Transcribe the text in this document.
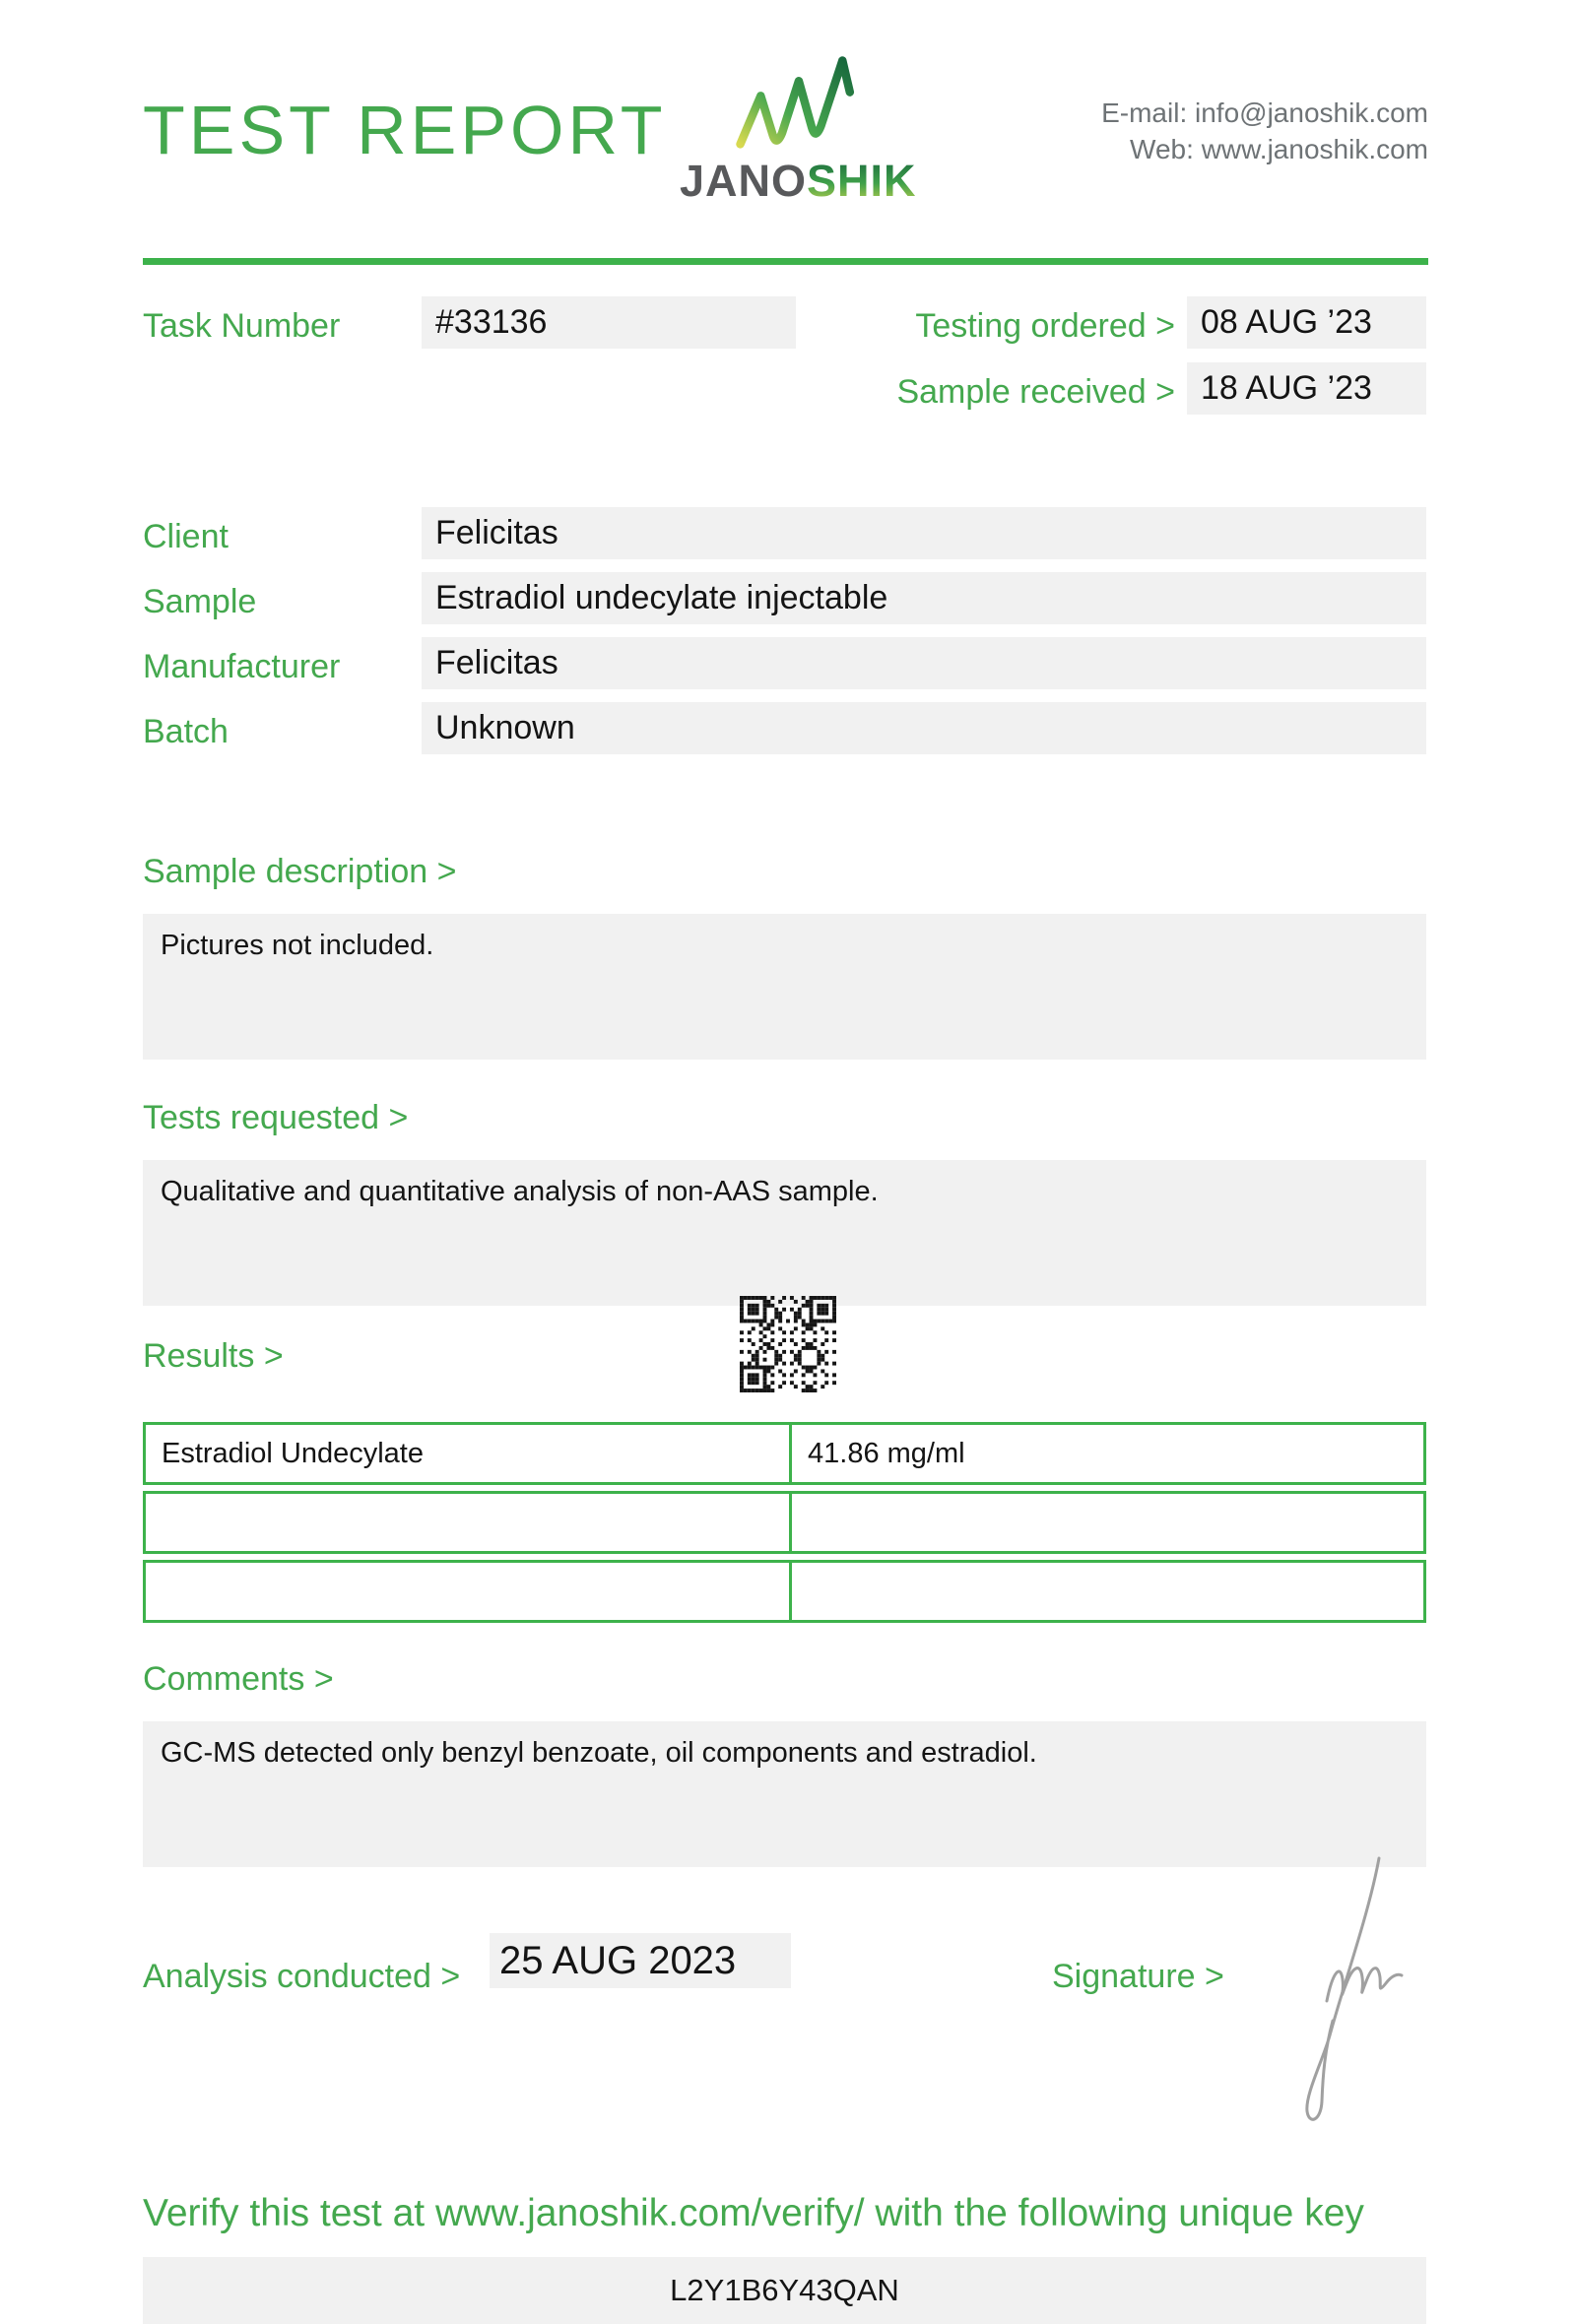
TEST REPORT
JANOSHIK
E-mail: info@janoshik.com
Web: www.janoshik.com
Task Number	#33136	Testing ordered > 08 AUG ’23
Sample received > 18 AUG ’23
Client	Felicitas
Sample	Estradiol undecylate injectable
Manufacturer	Felicitas
Batch	Unknown
Sample description >
Pictures not included.
Tests requested >
Qualitative and quantitative analysis of non-AAS sample.
Results >
Estradiol Undecylate	41.86 mg/ml
Comments >
GC-MS detected only benzyl benzoate, oil components and estradiol.
Analysis conducted > 25 AUG 2023	Signature >
Verify this test at www.janoshik.com/verify/ with the following unique key
L2Y1B6Y43QAN
